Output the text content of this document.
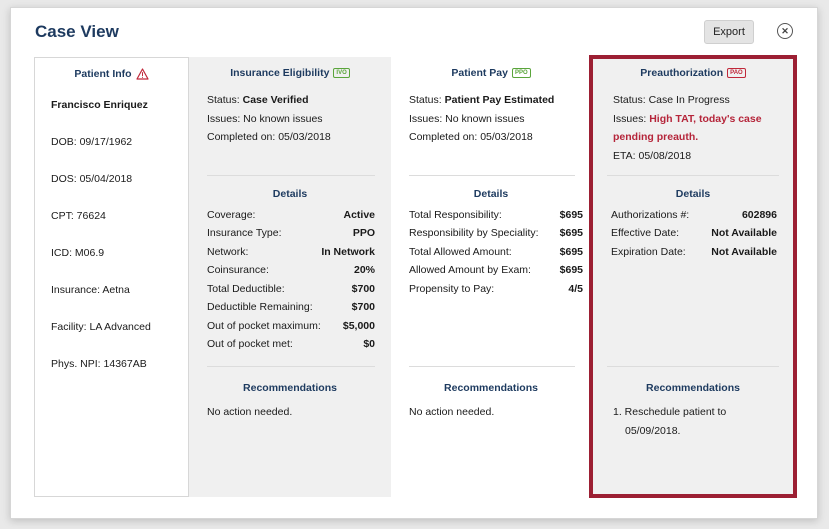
Case View	Export	✕
Patient Info
Francisco Enriquez
DOB: 09/17/1962
DOS: 05/04/2018
CPT: 76624
ICD: M06.9
Insurance: Aetna
Facility: LA Advanced
Phys. NPI: 14367AB
Insurance Eligibility	IVO
Status: Case Verified
Issues: No known issues
Completed on: 05/03/2018
Details
Coverage:	Active
Insurance Type:	PPO
Network:	In Network
Coinsurance:	20%
Total Deductible:	$700
Deductible Remaining:	$700
Out of pocket maximum: $5,000
Out of pocket met:	$0
Recommendations
No action needed.
Patient Pay	PPO
Status: Patient Pay Estimated
Issues: No known issues
Completed on: 05/03/2018
Details
Total Responsibility:	$695
Responsibility by Speciality: $695
Total Allowed Amount:	$695
Allowed Amount by Exam:	$695
Propensity to Pay:	4/5
Recommendations
No action needed.
Preauthorization	PAO
Status: Case In Progress
Issues: High TAT, today's case
pending preauth.
ETA: 05/08/2018
Details
Authorizations #:	602896
Effective Date:	Not Available
Expiration Date: Not Available
Recommendations
1. Reschedule patient to
05/09/2018.
